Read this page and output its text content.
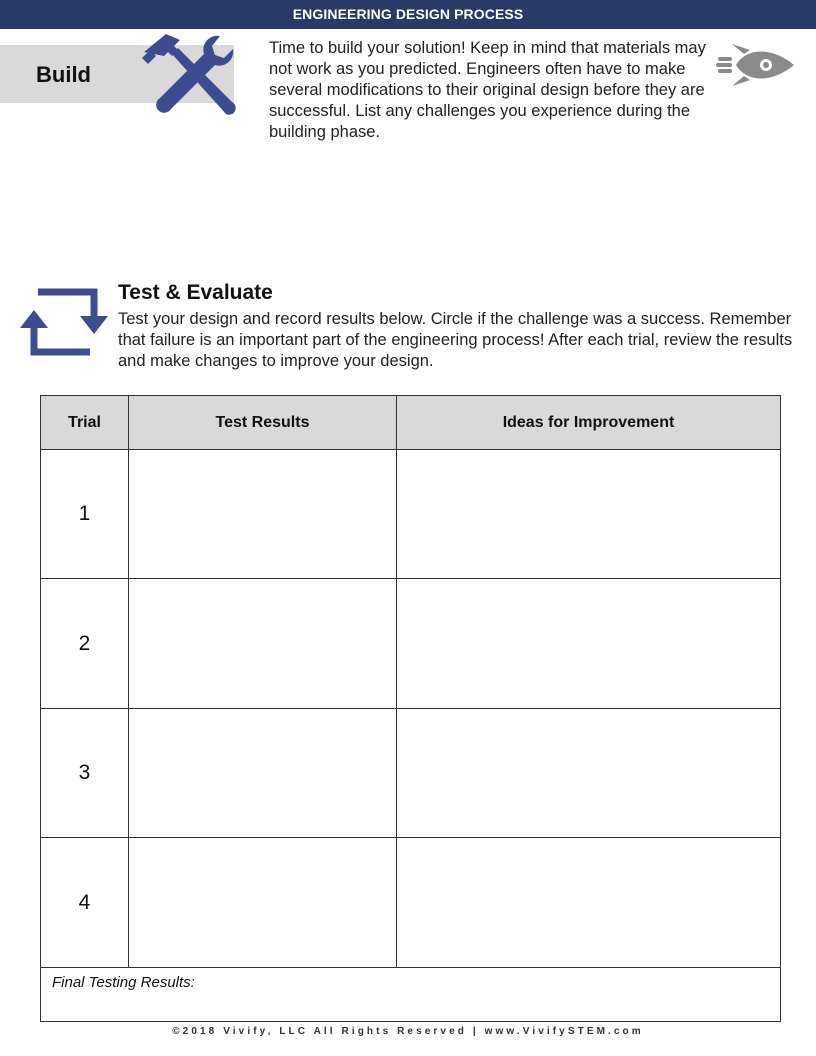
ENGINEERING DESIGN PROCESS
Build
Time to build your solution! Keep in mind that materials may not work as you predicted. Engineers often have to make several modifications to their original design before they are successful. List any challenges you experience during the building phase.
Test & Evaluate
Test your design and record results below. Circle if the challenge was a success. Remember that failure is an important part of the engineering process! After each trial, review the results and make changes to improve your design.
Trial	Test Results	Ideas for Improvement
1
2
3
4
Final Testing Results:
©2018 Vivify, LLC All Rights Reserved | www.VivifySTEM.com
